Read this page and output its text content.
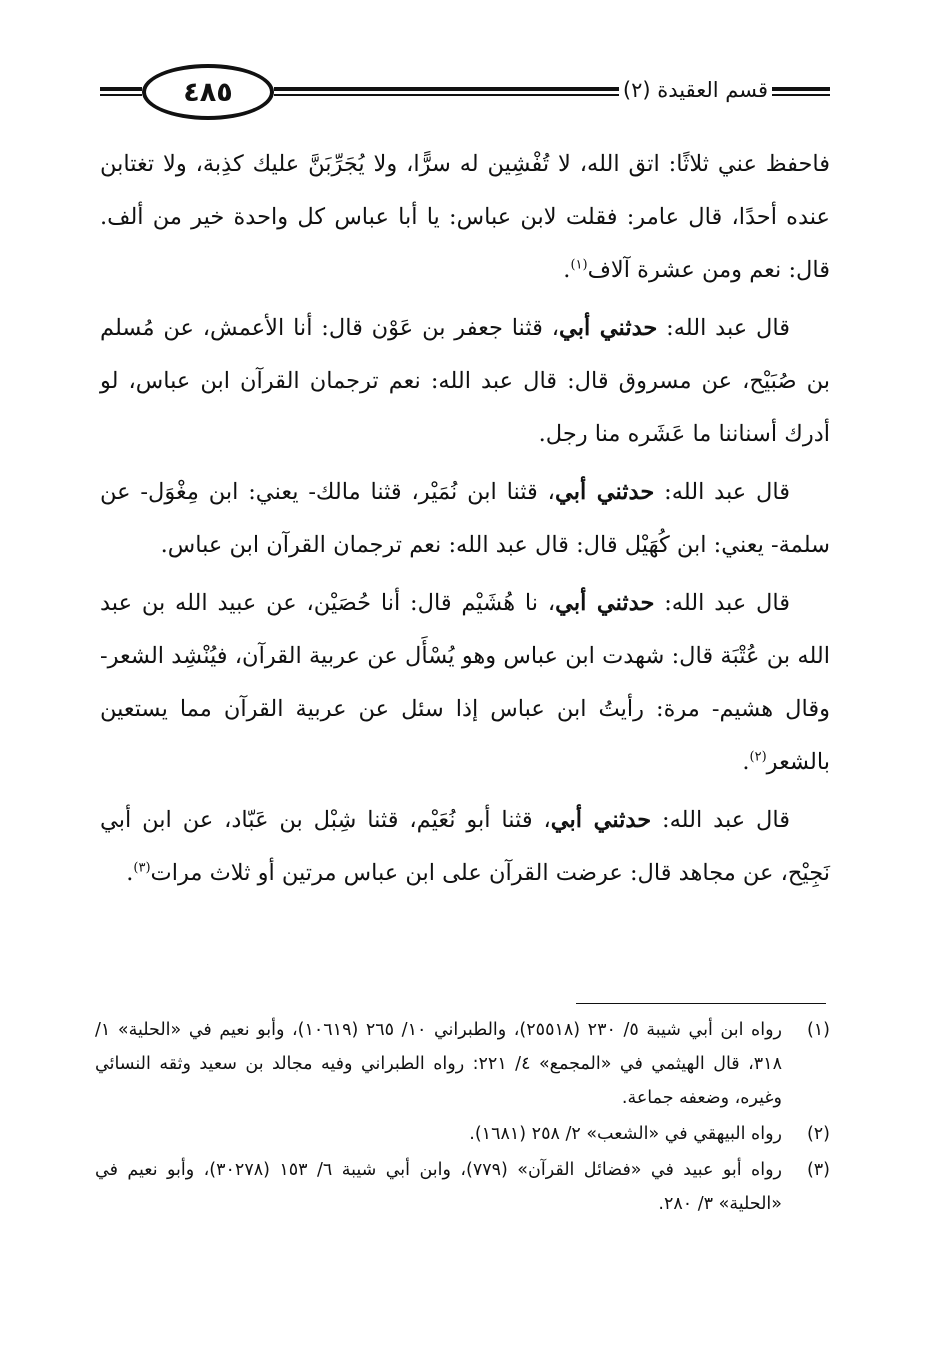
٤٨٥	قسم العقيدة (٢)

فاحفظ عني ثلاثًا: اتق الله، لا تُفْشِين له سرًّا، ولا يُجَرِّبَنَّ عليك كذِبة، ولا تغتابن عنده أحدًا، قال عامر: فقلت لابن عباس: يا أبا عباس كل واحدة خير من ألف. قال: نعم ومن عشرة آلاف$^{(١)}$.

قال عبد الله: حدثني أبي، قثنا جعفر بن عَوْن قال: أنا الأعمش، عن مُسلم بن صُبَيْح، عن مسروق قال: قال عبد الله: نعم ترجمان القرآن ابن عباس، لو أدرك أسناننا ما عَشَره منا رجل.

قال عبد الله: حدثني أبي، قثنا ابن نُمَيْر، قثنا مالك- يعني: ابن مِغْوَل- عن سلمة- يعني: ابن كُهَيْل قال: قال عبد الله: نعم ترجمان القرآن ابن عباس.

قال عبد الله: حدثني أبي، نا هُشَيْم قال: أنا حُصَيْن، عن عبيد الله بن عبد الله بن عُتْبَة قال: شهدت ابن عباس وهو يُسْأَل عن عربية القرآن، فيُنْشِد الشعر- وقال هشيم- مرة: رأيتُ ابن عباس إذا سئل عن عربية القرآن مما يستعين بالشعر$^{(٢)}$.

قال عبد الله: حدثني أبي، قثنا أبو نُعَيْم، قثنا شِبْل بن عَبّاد، عن ابن أبي نَجِيْح، عن مجاهد قال: عرضت القرآن على ابن عباس مرتين أو ثلاث مرات$^{(٣)}$.

(١)
رواه ابن أبي شيبة ٥/ ٢٣٠ (٢٥٥١٨)، والطبراني ١٠/ ٢٦٥ (١٠٦١٩)، وأبو نعيم في «الحلية» ١/ ٣١٨، قال الهيثمي في «المجمع» ٤/ ٢٢١: رواه الطبراني وفيه مجالد بن سعيد وثقه النسائي وغيره، وضعفه جماعة.
(٢)
رواه البيهقي في «الشعب» ٢/ ٢٥٨ (١٦٨١).
(٣)
رواه أبو عبيد في «فضائل القرآن» (٧٧٩)، وابن أبي شيبة ٦/ ١٥٣ (٣٠٢٧٨)، وأبو نعيم في «الحلية» ٣/ ٢٨٠.
